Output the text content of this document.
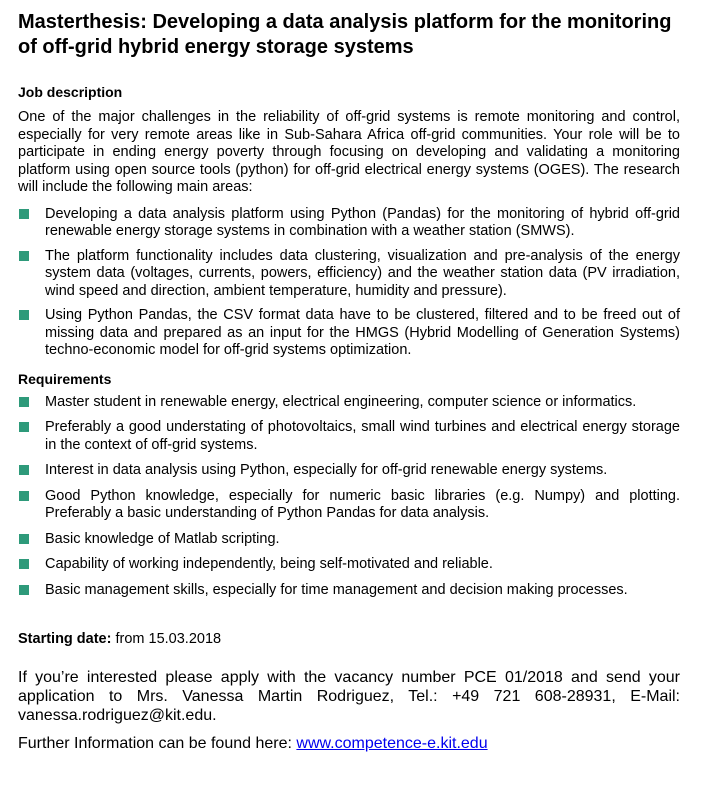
Masterthesis: Developing a data analysis platform for the monitoring of off-grid hybrid energy storage systems
Job description

One of the major challenges in the reliability of off-grid systems is remote monitoring and control, especially for very remote areas like in Sub-Sahara Africa off-grid communities. Your role will be to participate in ending energy poverty through focusing on developing and validating a monitoring platform using open source tools (python) for off-grid electrical energy systems (OGES). The research will include the following main areas:

Developing a data analysis platform using Python (Pandas) for the monitoring of hybrid off-grid renewable energy storage systems in combination with a weather station (SMWS).
The platform functionality includes data clustering, visualization and pre-analysis of the energy system data (voltages, currents, powers, efficiency) and the weather station data (PV irradiation, wind speed and direction, ambient temperature, humidity and pressure).
Using Python Pandas, the CSV format data have to be clustered, filtered and to be freed out of missing data and prepared as an input for the HMGS (Hybrid Modelling of Generation Systems) techno-economic model for off-grid systems optimization.
Requirements
Master student in renewable energy, electrical engineering, computer science or informatics.
Preferably a good understating of photovoltaics, small wind turbines and electrical energy storage in the context of off-grid systems.
Interest in data analysis using Python, especially for off-grid renewable energy systems.
Good Python knowledge, especially for numeric basic libraries (e.g. Numpy) and plotting. Preferably a basic understanding of Python Pandas for data analysis.
Basic knowledge of Matlab scripting.
Capability of working independently, being self-motivated and reliable.
Basic management skills, especially for time management and decision making processes.

Starting date: from 15.03.2018

If you’re interested please apply with the vacancy number PCE 01/2018 and send your application to Mrs. Vanessa Martin Rodriguez, Tel.: +49 721 608-28931, E-Mail: vanessa.rodriguez@kit.edu.

Further Information can be found here: www.competence-e.kit.edu
